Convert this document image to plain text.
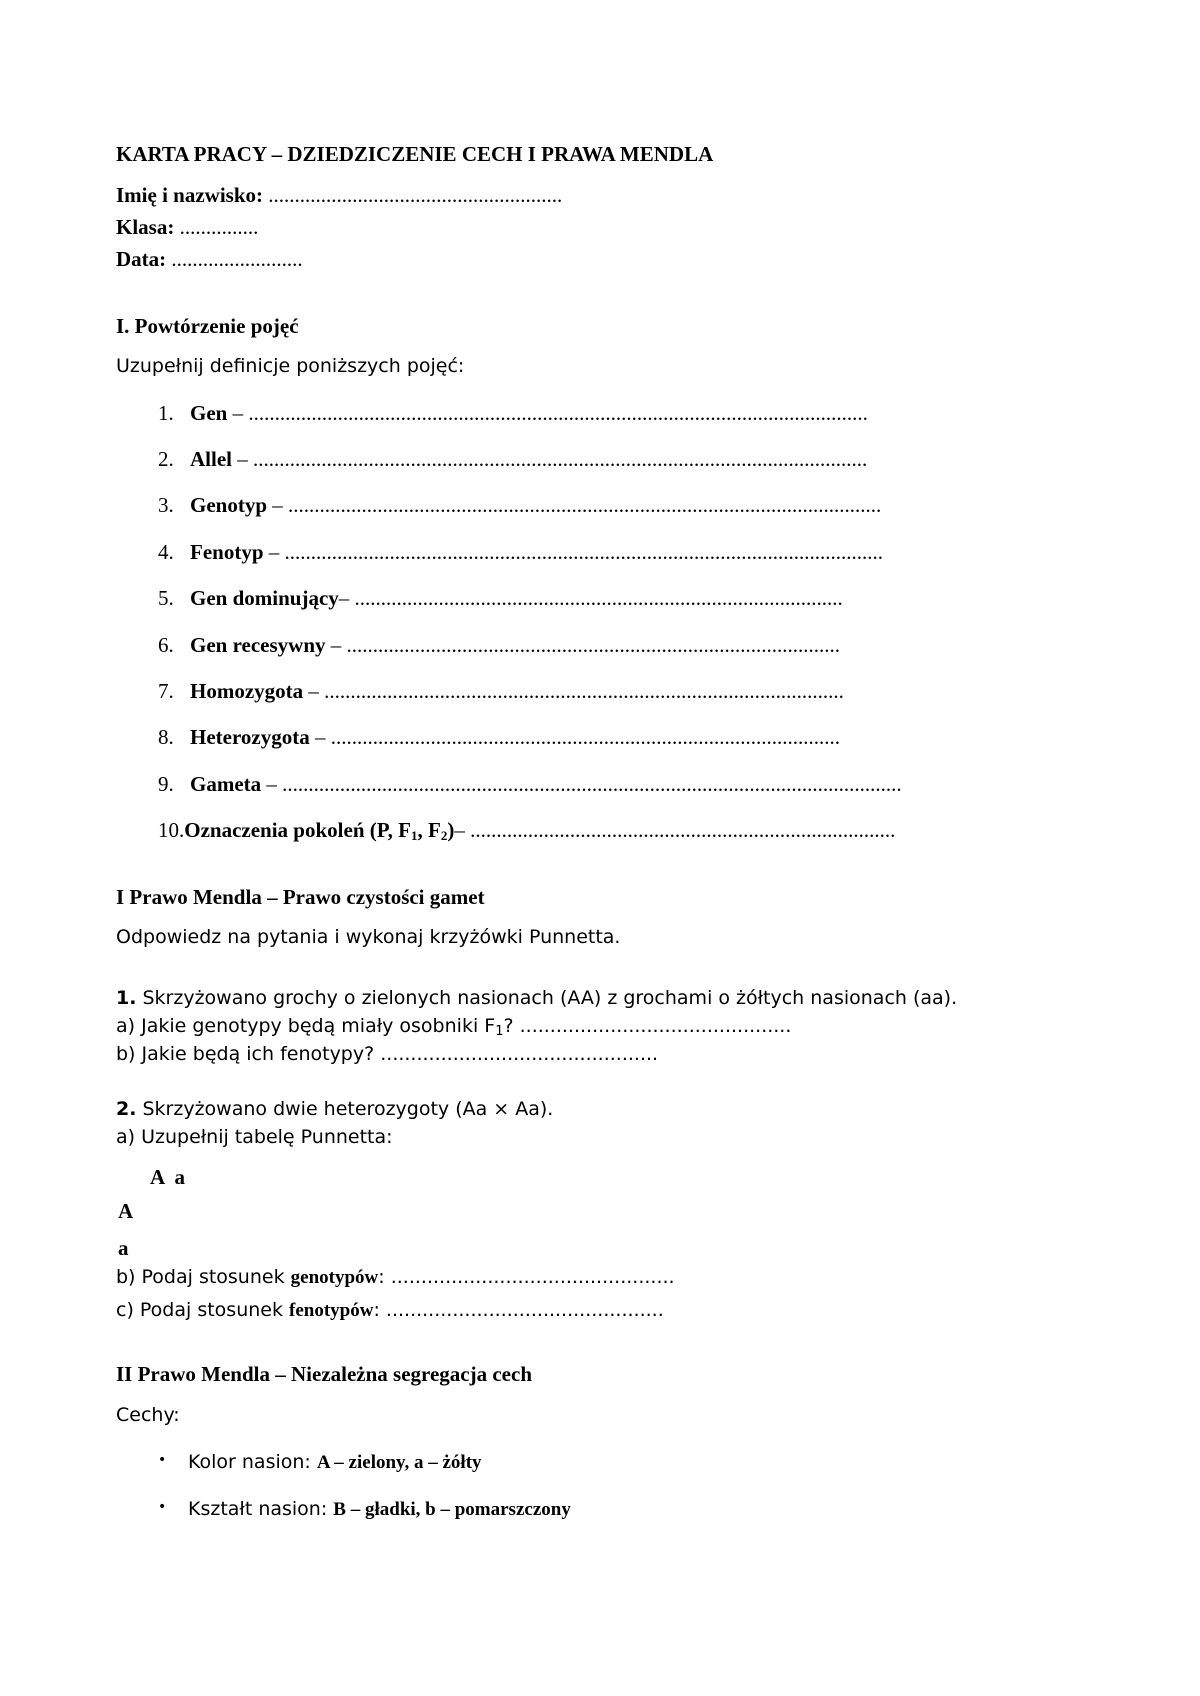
KARTA PRACY – DZIEDZICZENIE CECH I PRAWA MENDLA
Imię i nazwisko: ........................................................
Klasa: ...............
Data: .........................
I. Powtórzenie pojęć
Uzupełnij definicje poniższych pojęć:
1. Gen – ......................................................................................................................
2. Allel – .....................................................................................................................
3. Genotyp – .................................................................................................................
4. Fenotyp – ..................................................................................................................
5. Gen dominujący– .............................................................................................
6. Gen recesywny – ..............................................................................................
7. Homozygota – ...................................................................................................
8. Heterozygota – .................................................................................................
9. Gameta – ......................................................................................................................
10.Oznaczenia pokoleń (P, $F_1$, $F_2)-$ .................................................................................
I Prawo Mendla – Prawo czystości gamet
Odpowiedz na pytania i wykonaj krzyżówki Punnetta.
1. Skrzyżowano grochy o zielonych nasionach (AA) z grochami o żółtych nasionach (aa).
a) Jakie genotypy będą miały osobniki $F_1$? .............................................
b) Jakie będą ich fenotypy? ..............................................
2. Skrzyżowano dwie heterozygoty (Aa × Aa).
a) Uzupełnij tabelę Punnetta:
A  a
A
a
b) Podaj stosunek genotypów: ...............................................
c) Podaj stosunek fenotypów: ..............................................
II Prawo Mendla – Niezależna segregacja cech
Cechy:
• Kolor nasion: A – zielony, a – żółty
• Kształt nasion: B – gładki, b – pomarszczony
